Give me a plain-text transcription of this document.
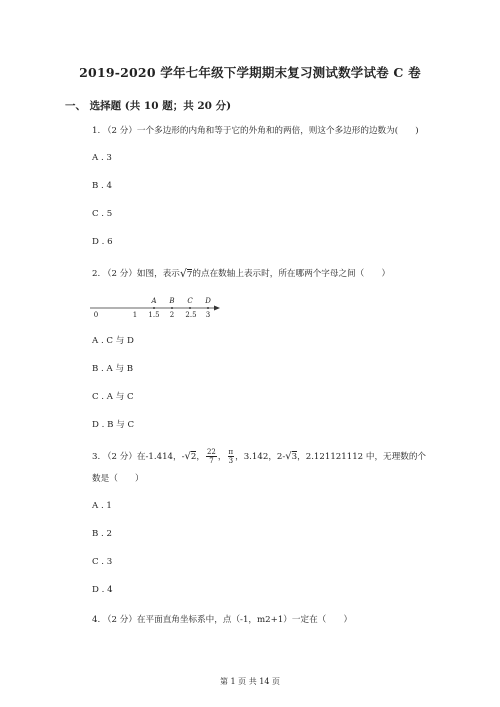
2019-2020 学年七年级下学期期末复习测试数学试卷 C 卷
一、 选择题 (共 10 题；共 20 分)
1. （2 分）一个多边形的内角和等于它的外角和的两倍，则这个多边形的边数为(　　)
A . 3
B . 4
C . 5
D . 6
2. （2 分）如图，表示√7的点在数轴上表示时，所在哪两个字母之间（　　）
0	1 1.5 2 2.5 3
A B C D
A . C 与 D
B . A 与 B
C . A 与 C
D . B 与 C
3. （2 分）在-1.414，-√2， $\frac{22}{7}$ ， $\frac{\pi}{3}$ ，3.142，2-√3，2.121121112 中，无理数的个
数是（　　）
A . 1
B . 2
C . 3
D . 4
4. （2 分）在平面直角坐标系中，点（-1，m2+1）一定在（　　）
第 1 页 共 14 页
